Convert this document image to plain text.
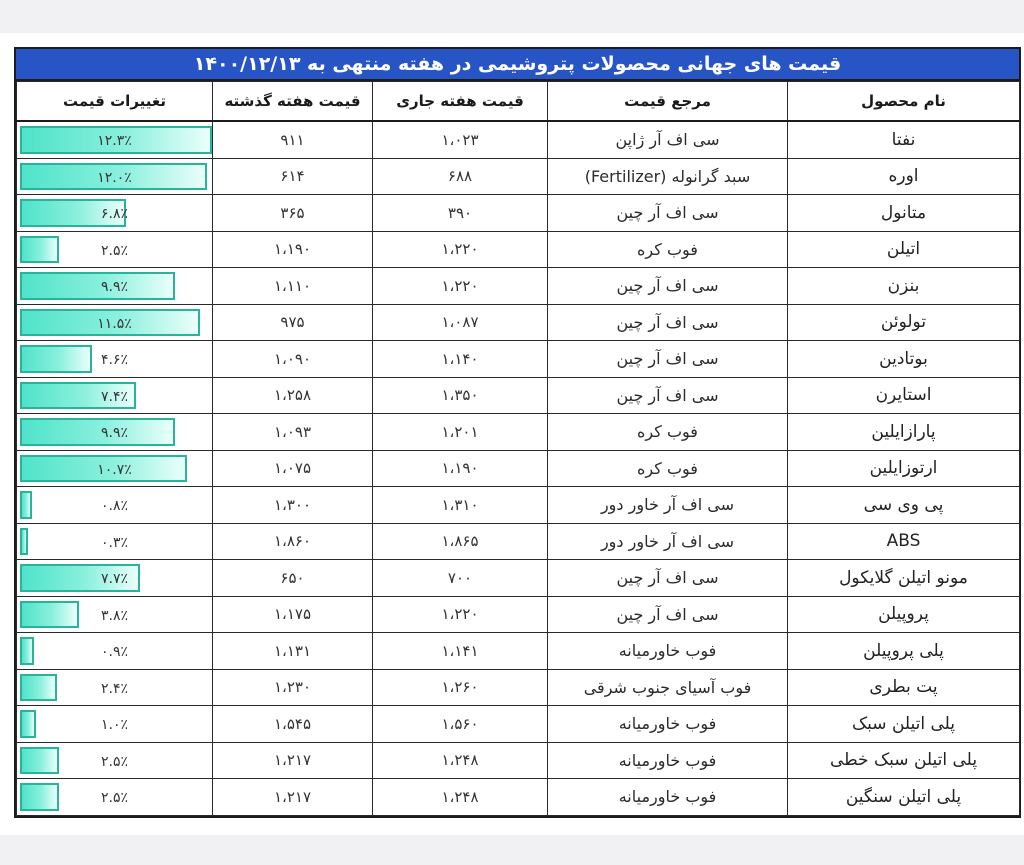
قیمت های جهانی محصولات پتروشیمی در هفته منتهی به ۱۴۰۰/۱۲/۱۳
نام محصول	مرجع قیمت	قیمت هفته جاری	قیمت هفته گذشته	تغییرات قیمت
نفتا	سی اف آر ژاپن	۱،۰۲۳	۹۱۱	۱۲.۳٪
اوره	سبد گرانوله (Fertilizer)	۶۸۸	۶۱۴	۱۲.۰٪
متانول	سی اف آر چین	۳۹۰	۳۶۵	۶.۸٪
اتیلن	فوب کره	۱،۲۲۰	۱،۱۹۰	۲.۵٪
بنزن	سی اف آر چین	۱،۲۲۰	۱،۱۱۰	۹.۹٪
تولوئن	سی اف آر چین	۱،۰۸۷	۹۷۵	۱۱.۵٪
بوتادین	سی اف آر چین	۱،۱۴۰	۱،۰۹۰	۴.۶٪
استایرن	سی اف آر چین	۱،۳۵۰	۱،۲۵۸	۷.۴٪
پارازایلین	فوب کره	۱،۲۰۱	۱،۰۹۳	۹.۹٪
ارتوزایلین	فوب کره	۱،۱۹۰	۱،۰۷۵	۱۰.۷٪
پی وی سی	سی اف آر خاور دور	۱،۳۱۰	۱،۳۰۰	۰.۸٪
ABS	سی اف آر خاور دور	۱،۸۶۵	۱،۸۶۰	۰.۳٪
مونو اتیلن گلایکول	سی اف آر چین	۷۰۰	۶۵۰	۷.۷٪
پروپیلن	سی اف آر چین	۱،۲۲۰	۱،۱۷۵	۳.۸٪
پلی پروپیلن	فوب خاورمیانه	۱،۱۴۱	۱،۱۳۱	۰.۹٪
پت بطری	فوب آسیای جنوب شرقی	۱،۲۶۰	۱،۲۳۰	۲.۴٪
پلی اتیلن سبک	فوب خاورمیانه	۱،۵۶۰	۱،۵۴۵	۱.۰٪
پلی اتیلن سبک خطی	فوب خاورمیانه	۱،۲۴۸	۱،۲۱۷	۲.۵٪
پلی اتیلن سنگین	فوب خاورمیانه	۱،۲۴۸	۱،۲۱۷	۲.۵٪
